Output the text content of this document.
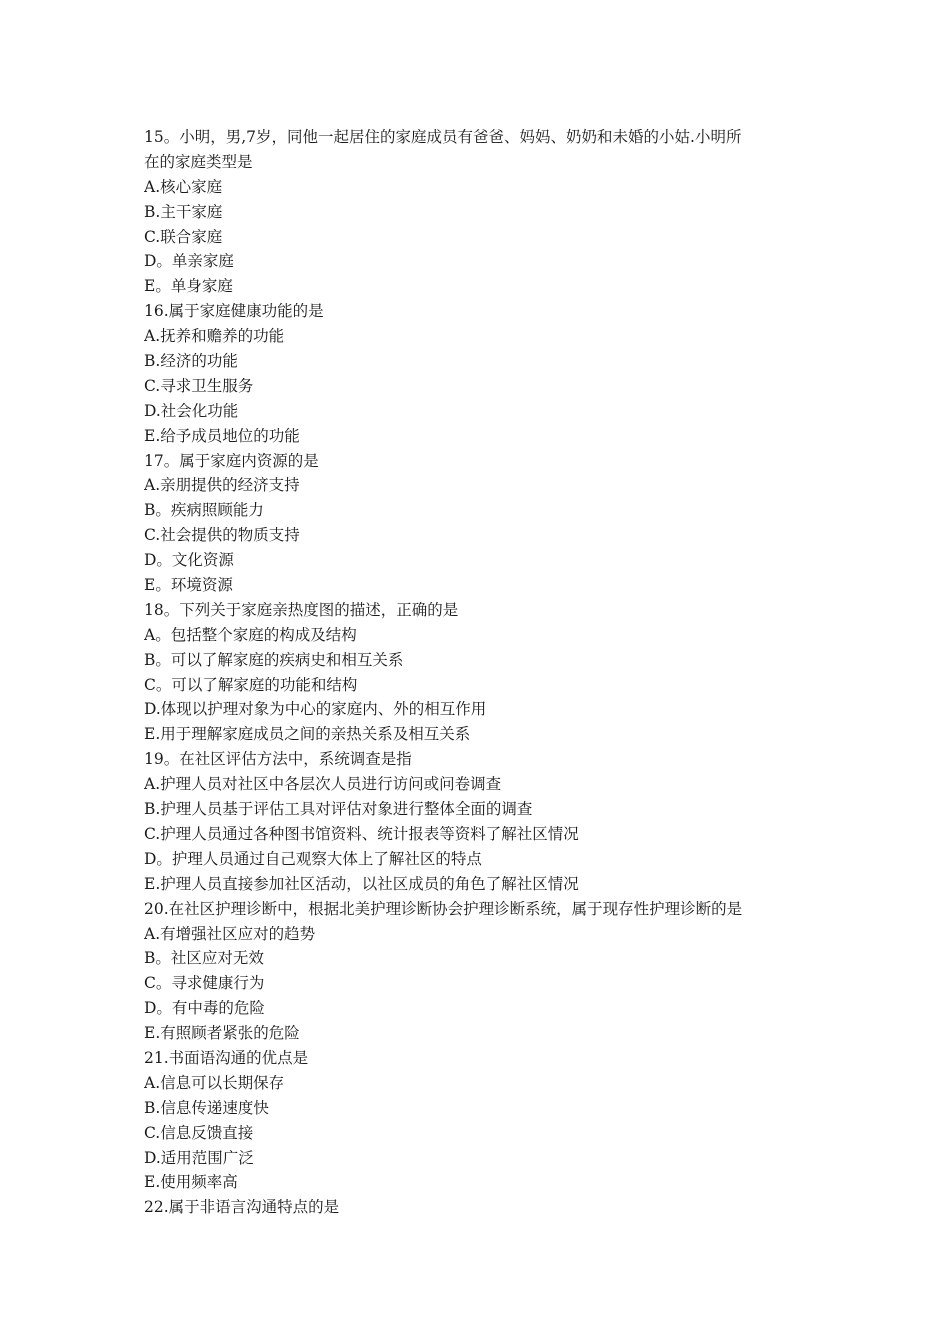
15。小明，男,7岁，同他一起居住的家庭成员有爸爸、妈妈、奶奶和未婚的小姑.小明所
在的家庭类型是
A.核心家庭
B.主干家庭
C.联合家庭
D。单亲家庭
E。单身家庭
16.属于家庭健康功能的是
A.抚养和赡养的功能
B.经济的功能
C.寻求卫生服务
D.社会化功能
E.给予成员地位的功能
17。属于家庭内资源的是
A.亲朋提供的经济支持
B。疾病照顾能力
C.社会提供的物质支持
D。文化资源
E。环境资源
18。下列关于家庭亲热度图的描述，正确的是
A。包括整个家庭的构成及结构
B。可以了解家庭的疾病史和相互关系
C。可以了解家庭的功能和结构
D.体现以护理对象为中心的家庭内、外的相互作用
E.用于理解家庭成员之间的亲热关系及相互关系
19。在社区评估方法中，系统调查是指
A.护理人员对社区中各层次人员进行访问或问卷调查
B.护理人员基于评估工具对评估对象进行整体全面的调查
C.护理人员通过各种图书馆资料、统计报表等资料了解社区情况
D。护理人员通过自己观察大体上了解社区的特点
E.护理人员直接参加社区活动，以社区成员的角色了解社区情况
20.在社区护理诊断中，根据北美护理诊断协会护理诊断系统，属于现存性护理诊断的是
A.有增强社区应对的趋势
B。社区应对无效
C。寻求健康行为
D。有中毒的危险
E.有照顾者紧张的危险
21.书面语沟通的优点是
A.信息可以长期保存
B.信息传递速度快
C.信息反馈直接
D.适用范围广泛
E.使用频率高
22.属于非语言沟通特点的是
